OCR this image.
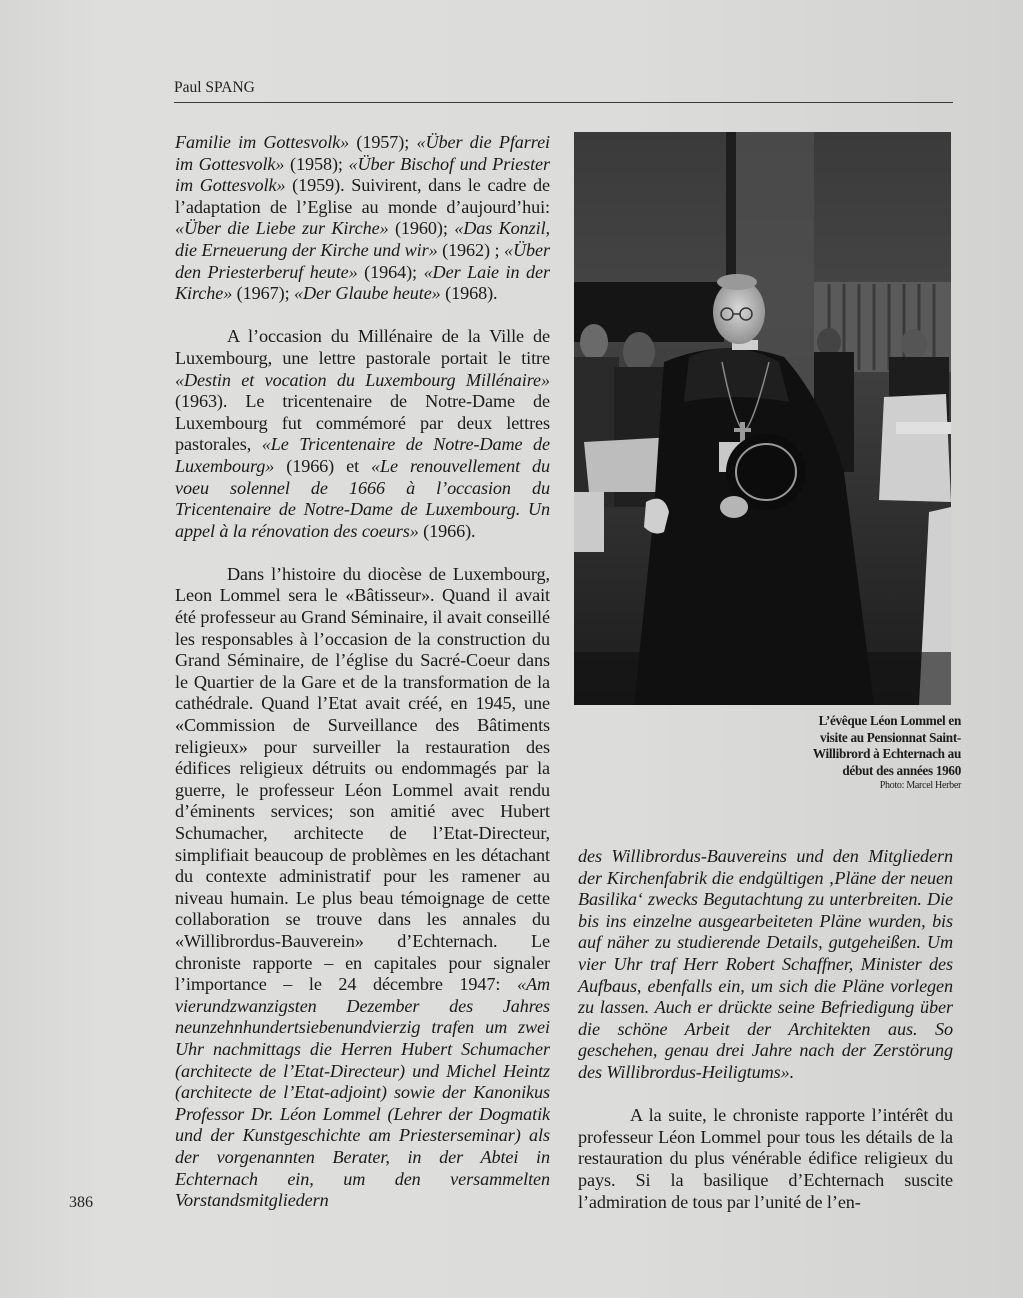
Paul SPANG

Familie im Gottesvolk» (1957); «Über die Pfarrei im Gottesvolk» (1958); «Über Bischof und Priester im Gottesvolk» (1959). Suivirent, dans le cadre de l’adaptation de l’Eglise au monde d’aujourd’hui: «Über die Liebe zur Kirche» (1960); «Das Konzil, die Erneuerung der Kirche und wir» (1962) ; «Über den Priesterberuf heute» (1964); «Der Laie in der Kirche» (1967); «Der Glaube heute» (1968).

A l’occasion du Millénaire de la Ville de Luxembourg, une lettre pastorale portait le titre «Destin et vocation du Luxembourg Millénaire» (1963). Le tricentenaire de Notre-Dame de Luxembourg fut commémoré par deux lettres pastorales, «Le Tricentenaire de Notre-Dame de Luxembourg» (1966) et «Le renouvellement du voeu solennel de 1666 à l’occasion du Tricentenaire de Notre-Dame de Luxembourg. Un appel à la rénovation des coeurs» (1966).

Dans l’histoire du diocèse de Luxembourg, Leon Lommel sera le «Bâtisseur». Quand il avait été professeur au Grand Séminaire, il avait conseillé les responsables à l’occasion de la construction du Grand Séminaire, de l’église du Sacré-Coeur dans le Quartier de la Gare et de la transformation de la cathédrale. Quand l’Etat avait créé, en 1945, une «Commission de Surveillance des Bâtiments religieux» pour surveiller la restauration des édifices religieux détruits ou endommagés par la guerre, le professeur Léon Lommel avait rendu d’éminents services; son amitié avec Hubert Schumacher, architecte de l’Etat-Directeur, simplifiait beaucoup de problèmes en les détachant du contexte administratif pour les ramener au niveau humain. Le plus beau témoignage de cette collaboration se trouve dans les annales du «Willibrordus-Bauverein» d’Echternach. Le chroniste rapporte – en capitales pour signaler l’importance – le 24 décembre 1947: «Am vierundzwanzigsten Dezember des Jahres neunzehnhundertsiebenundvierzig trafen um zwei Uhr nachmittags die Herren Hubert Schumacher (architecte de l’Etat-Directeur) und Michel Heintz (architecte de l’Etat-adjoint) sowie der Kanonikus Professor Dr. Léon Lommel (Lehrer der Dogmatik und der Kunstgeschichte am Priesterseminar) als der vorgenannten Berater, in der Abtei in Echternach ein, um den versammelten Vorstandsmitgliedern

L’évêque Léon Lommel en
visite au Pensionnat Saint-
Willibrord à Echternach au
début des années 1960
Photo: Marcel Herber

des Willibrordus-Bauvereins und den Mitgliedern der Kirchenfabrik die endgültigen ‚Pläne der neuen Basilika‘ zwecks Begutachtung zu unterbreiten. Die bis ins einzelne ausgearbeiteten Pläne wurden, bis auf näher zu studierende Details, gutgeheißen. Um vier Uhr traf Herr Robert Schaffner, Minister des Aufbaus, ebenfalls ein, um sich die Pläne vorlegen zu lassen. Auch er drückte seine Befriedigung über die schöne Arbeit der Architekten aus. So geschehen, genau drei Jahre nach der Zerstörung des Willibrordus-Heiligtums».

A la suite, le chroniste rapporte l’intérêt du professeur Léon Lommel pour tous les détails de la restauration du plus vénérable édifice religieux du pays. Si la basilique d’Echternach suscite l’admiration de tous par l’unité de l’en-

386
